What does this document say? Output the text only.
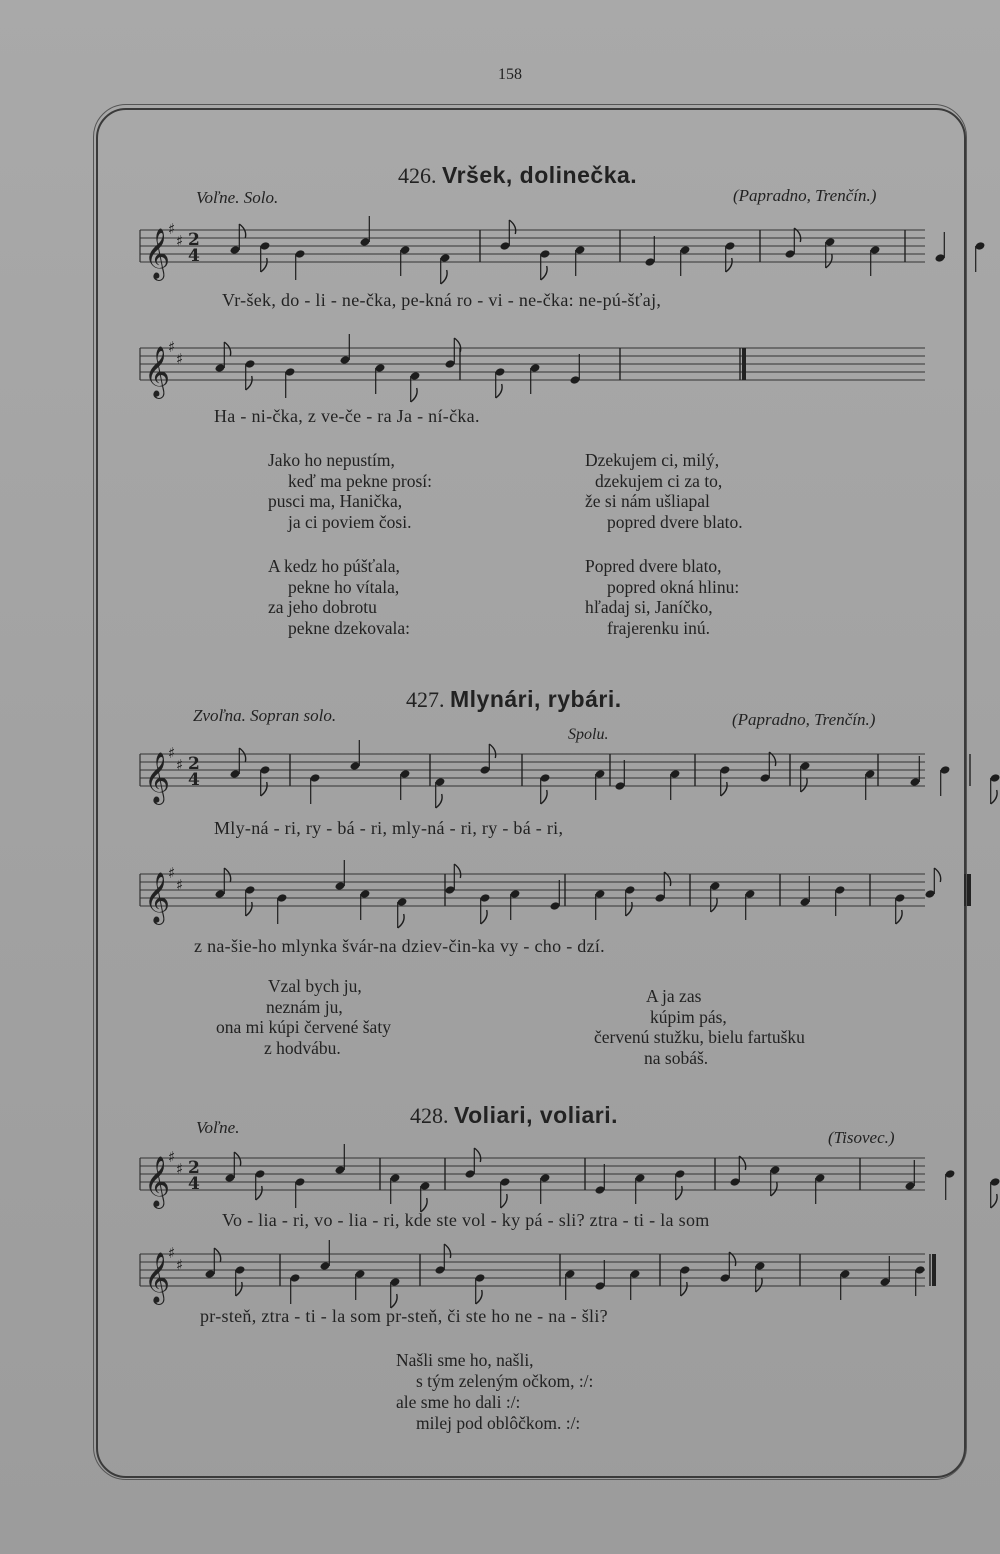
158
426. Vršek, dolinečka.
Voľne. Solo.	(Papradno, Trenčín.)
𝄞
♯
♯ 2
4
Vr-šek, do - li - ne-čka, pe-kná ro - vi - ne-čka: ne-pú-šťaj,
𝄞
♯
♯
Ha - ni-čka, z ve-če - ra Ja - ní-čka.
Jako ho nepustím,
keď ma pekne prosí:
pusci ma, Hanička,
ja ci poviem čosi.
A kedz ho púšťala,
pekne ho vítala,
za jeho dobrotu
pekne dzekovala:
Dzekujem ci, milý,
dzekujem ci za to,
že si nám ušliapal
popred dvere blato.
Popred dvere blato,
popred okná hlinu:
hľadaj si, Janíčko,
frajerenku inú.
427. Mlynári, rybári.
Zvoľna. Sopran solo.	(Papradno, Trenčín.)
Spolu.
𝄞
♯
♯ 2
4
Mly-ná - ri, ry - bá - ri, mly-ná - ri, ry - bá - ri,
𝄞
♯
♯
z na-šie-ho mlynka švár-na dziev-čin-ka vy - cho - dzí.
Vzal bych ju,
neznám ju,
ona mi kúpi červené šaty
z hodvábu.
A ja zas
kúpim pás,
červenú stužku, bielu fartušku
na sobáš.
428. Voliari, voliari.
Voľne.
(Tisovec.)
𝄞
♯
♯ 2
4
Vo - lia - ri, vo - lia - ri, kde ste vol - ky pá - sli? ztra - ti - la som
𝄞
♯
♯
pr-steň, ztra - ti - la som pr-steň, či ste ho ne - na - šli?
Našli sme ho, našli,
s tým zeleným očkom, :/:
ale sme ho dali :/:
milej pod oblôčkom. :/:
